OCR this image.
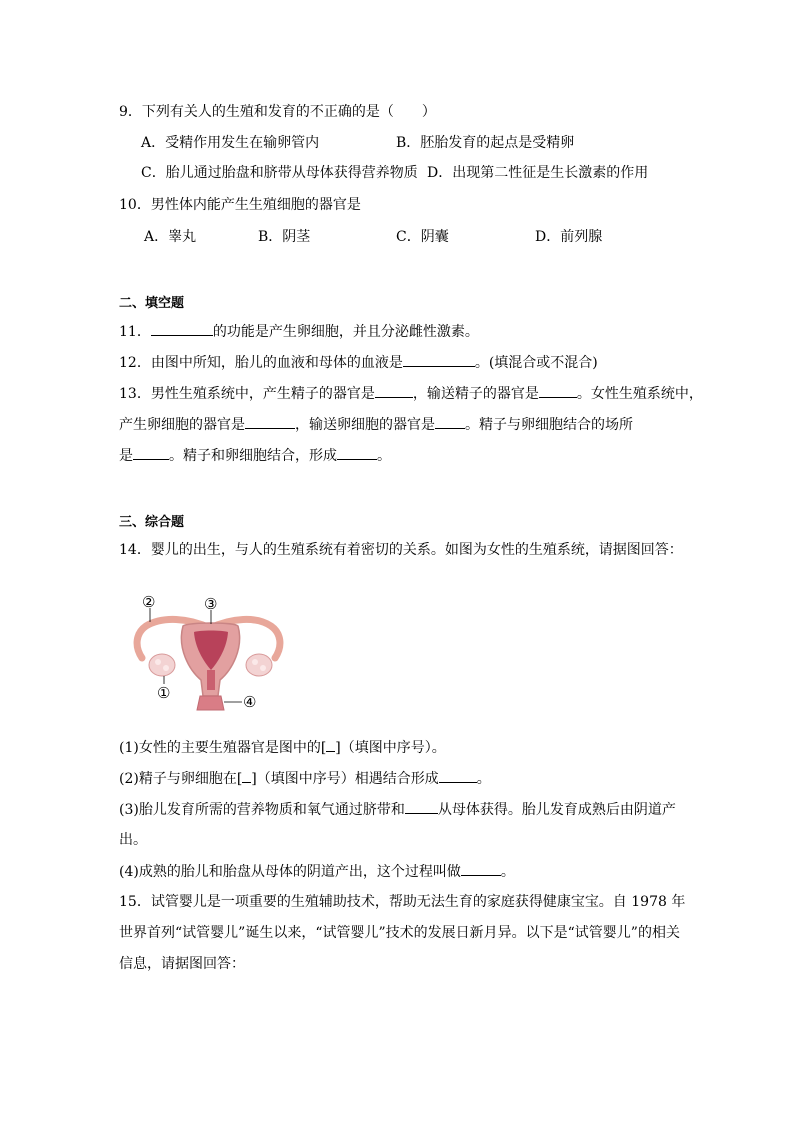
9．下列有关人的生殖和发育的不正确的是（　　）
A．受精作用发生在输卵管内	B．胚胎发育的起点是受精卵
C．胎儿通过胎盘和脐带从母体获得营养物质 D．出现第二性征是生长激素的作用
10．男性体内能产生生殖细胞的器官是
A．睾丸	B．阴茎	C．阴囊	D．前列腺
二、填空题
11．	的功能是产生卵细胞，并且分泌雌性激素。
12．由图中所知，胎儿的血液和母体的血液是	。(填混合或不混合)
13．男性生殖系统中，产生精子的器官是	，输送精子的器官是	。女性生殖系统中，
产生卵细胞的器官是	，输送卵细胞的器官是 。精子与卵细胞结合的场所
是	。精子和卵细胞结合，形成	。
三、综合题
14．婴儿的出生，与人的生殖系统有着密切的关系。如图为女性的生殖系统，请据图回答：
②	③
①	④
(1)女性的主要生殖器官是图中的[ ]（填图中序号）。
(2)精子与卵细胞在[ ]（填图中序号）相遇结合形成	。
(3)胎儿发育所需的营养物质和氧气通过脐带和 从母体获得。胎儿发育成熟后由阴道产
出。
(4)成熟的胎儿和胎盘从母体的阴道产出，这个过程叫做	。
15．试管婴儿是一项重要的生殖辅助技术，帮助无法生育的家庭获得健康宝宝。自 1978 年
世界首列“试管婴儿”诞生以来，“试管婴儿”技术的发展日新月异。以下是“试管婴儿”的相关
信息，请据图回答：
